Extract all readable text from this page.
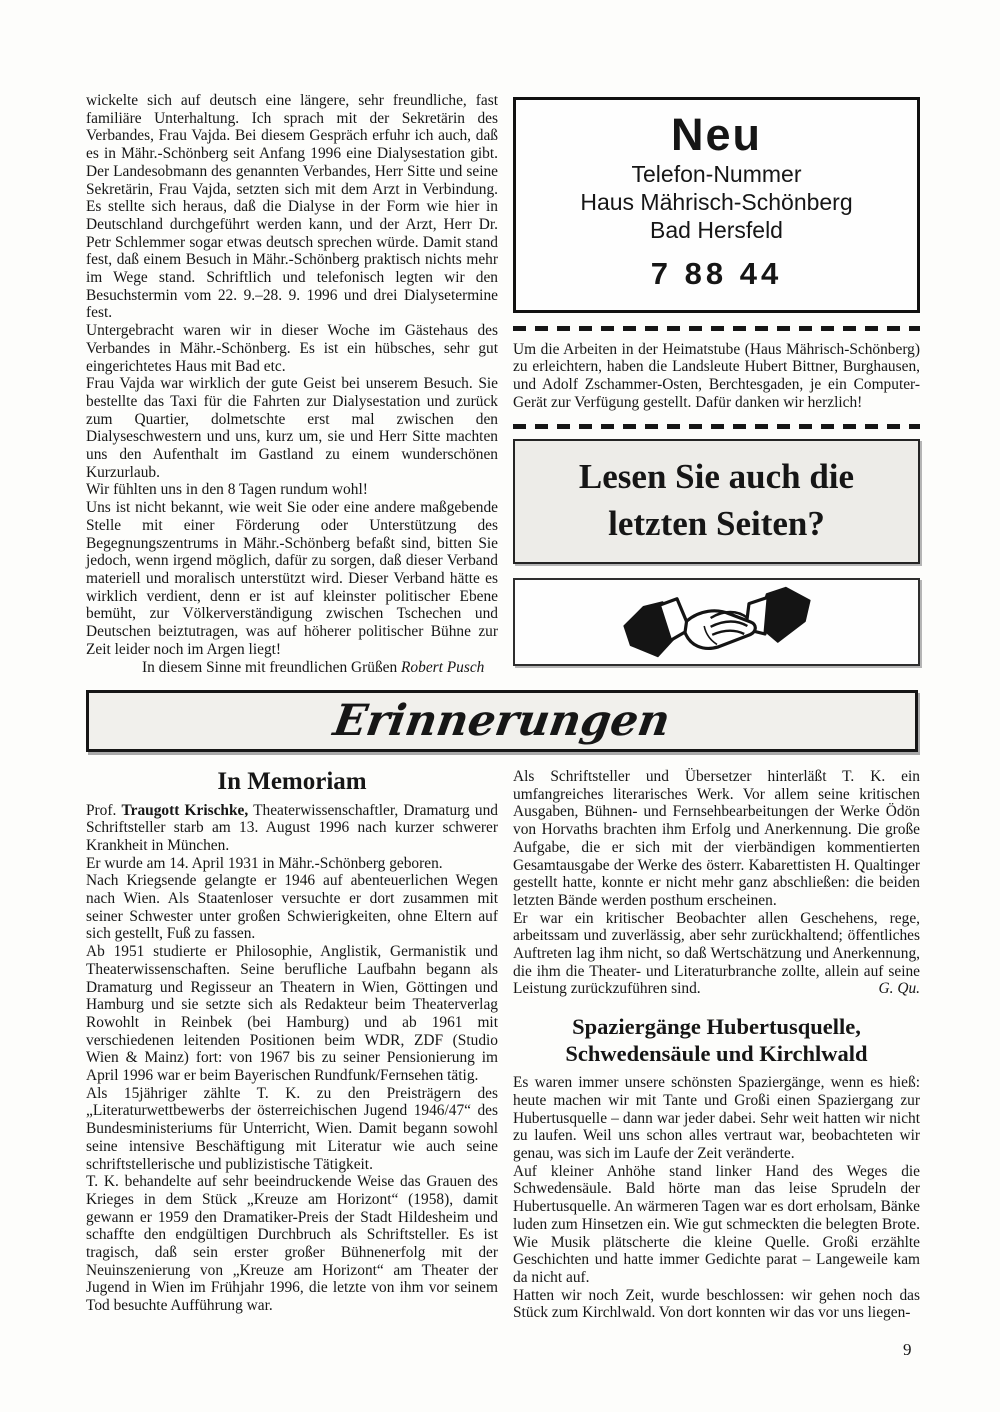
wickelte sich auf deutsch eine längere, sehr freundliche, fast familiäre Unterhaltung. Ich sprach mit der Sekretärin des Verbandes, Frau Vajda. Bei diesem Gespräch erfuhr ich auch, daß es in Mähr.-Schönberg seit Anfang 1996 eine Dialysestation gibt. Der Landesobmann des genannten Verbandes, Herr Sitte und seine Sekretärin, Frau Vajda, setzten sich mit dem Arzt in Verbindung. Es stellte sich heraus, daß die Dialyse in der Form wie hier in Deutschland durchgeführt werden kann, und der Arzt, Herr Dr. Petr Schlemmer sogar etwas deutsch sprechen würde. Damit stand fest, daß einem Besuch in Mähr.-Schönberg praktisch nichts mehr im Wege stand. Schriftlich und telefonisch legten wir den Besuchstermin vom 22. 9.–28. 9. 1996 und drei Dialysetermine fest.

Untergebracht waren wir in dieser Woche im Gästehaus des Verbandes in Mähr.-Schönberg. Es ist ein hübsches, sehr gut eingerichtetes Haus mit Bad etc.

Frau Vajda war wirklich der gute Geist bei unserem Besuch. Sie bestellte das Taxi für die Fahrten zur Dialysestation und zurück zum Quartier, dolmetschte erst mal zwischen den Dialyseschwestern und uns, kurz um, sie und Herr Sitte machten uns den Aufenthalt im Gastland zu einem wunderschönen Kurzurlaub.

Wir fühlten uns in den 8 Tagen rundum wohl!

Uns ist nicht bekannt, wie weit Sie oder eine andere maßgebende Stelle mit einer Förderung oder Unterstützung des Begegnungszentrums in Mähr.-Schönberg befaßt sind, bitten Sie jedoch, wenn irgend möglich, dafür zu sorgen, daß dieser Verband materiell und moralisch unterstützt wird. Dieser Verband hätte es wirklich verdient, denn er ist auf kleinster politischer Ebene bemüht, zur Völkerverständigung zwischen Tschechen und Deutschen beiztutragen, was auf höherer politischer Bühne zur Zeit leider noch im Argen liegt!

In diesem Sinne mit freundlichen Grüßen Robert Pusch

Neu
Telefon-Nummer
Haus Mährisch-Schönberg
Bad Hersfeld
7 88 44

Um die Arbeiten in der Heimatstube (Haus Mährisch-Schönberg) zu erleichtern, haben die Landsleute Hubert Bittner, Burghausen, und Adolf Zschammer-Osten, Berchtesgaden, je ein Computer-Gerät zur Verfügung gestellt. Dafür danken wir herzlich!

Lesen Sie auch die
letzten Seiten?
Erinnerungen
In Memoriam

Prof. Traugott Krischke, Theaterwissenschaftler, Dramaturg und Schriftsteller starb am 13. August 1996 nach kurzer schwerer Krankheit in München.

Er wurde am 14. April 1931 in Mähr.-Schönberg geboren.

Nach Kriegsende gelangte er 1946 auf abenteuerlichen Wegen nach Wien. Als Staatenloser versuchte er dort zusammen mit seiner Schwester unter großen Schwierigkeiten, ohne Eltern auf sich gestellt, Fuß zu fassen.

Ab 1951 studierte er Philosophie, Anglistik, Germanistik und Theaterwissenschaften. Seine berufliche Laufbahn begann als Dramaturg und Regisseur an Theatern in Wien, Göttingen und Hamburg und sie setzte sich als Redakteur beim Theaterverlag Rowohlt in Reinbek (bei Hamburg) und ab 1961 mit verschiedenen leitenden Positionen beim WDR, ZDF (Studio Wien & Mainz) fort: von 1967 bis zu seiner Pensionierung im April 1996 war er beim Bayerischen Rundfunk/Fernsehen tätig.

Als 15jähriger zählte T. K. zu den Preisträgern des „Literaturwettbewerbs der österreichischen Jugend 1946/47“ des Bundesministeriums für Unterricht, Wien. Damit begann sowohl seine intensive Beschäftigung mit Literatur wie auch seine schriftstellerische und publizistische Tätigkeit.

T. K. behandelte auf sehr beeindruckende Weise das Grauen des Krieges in dem Stück „Kreuze am Horizont“ (1958), damit gewann er 1959 den Dramatiker-Preis der Stadt Hildesheim und schaffte den endgültigen Durchbruch als Schriftsteller. Es ist tragisch, daß sein erster großer Bühnenerfolg mit der Neuinszenierung von „Kreuze am Horizont“ am Theater der Jugend in Wien im Frühjahr 1996, die letzte von ihm vor seinem Tod besuchte Aufführung war.

Als Schriftsteller und Übersetzer hinterläßt T. K. ein umfangreiches literarisches Werk. Vor allem seine kritischen Ausgaben, Bühnen- und Fernsehbearbeitungen der Werke Ödön von Horvaths brachten ihm Erfolg und Anerkennung. Die große Aufgabe, die er sich mit der vierbändigen kommentierten Gesamtausgabe der Werke des österr. Kabarettisten H. Qualtinger gestellt hatte, konnte er nicht mehr ganz abschließen: die beiden letzten Bände werden posthum erscheinen.

Er war ein kritischer Beobachter allen Geschehens, rege, arbeitssam und zuverlässig, aber sehr zurückhaltend; öffentliches Auftreten lag ihm nicht, so daß Wertschätzung und Anerkennung, die ihm die Theater- und Literaturbranche zollte, allein auf seine Leistung zurückzuführen sind.	G. Qu.

Spaziergänge Hubertusquelle,
Schwedensäule und Kirchlwald

Es waren immer unsere schönsten Spaziergänge, wenn es hieß: heute machen wir mit Tante und Großi einen Spaziergang zur Hubertusquelle – dann war jeder dabei. Sehr weit hatten wir nicht zu laufen. Weil uns schon alles vertraut war, beobachteten wir genau, was sich im Laufe der Zeit veränderte.

Auf kleiner Anhöhe stand linker Hand des Weges die Schwedensäule. Bald hörte man das leise Sprudeln der Hubertusquelle. An wärmeren Tagen war es dort erholsam, Bänke luden zum Hinsetzen ein. Wie gut schmeckten die belegten Brote. Wie Musik plätscherte die kleine Quelle. Großi erzählte Geschichten und hatte immer Gedichte parat – Langeweile kam da nicht auf.

Hatten wir noch Zeit, wurde beschlossen: wir gehen noch das Stück zum Kirchlwald. Von dort konnten wir das vor uns liegen-

9
